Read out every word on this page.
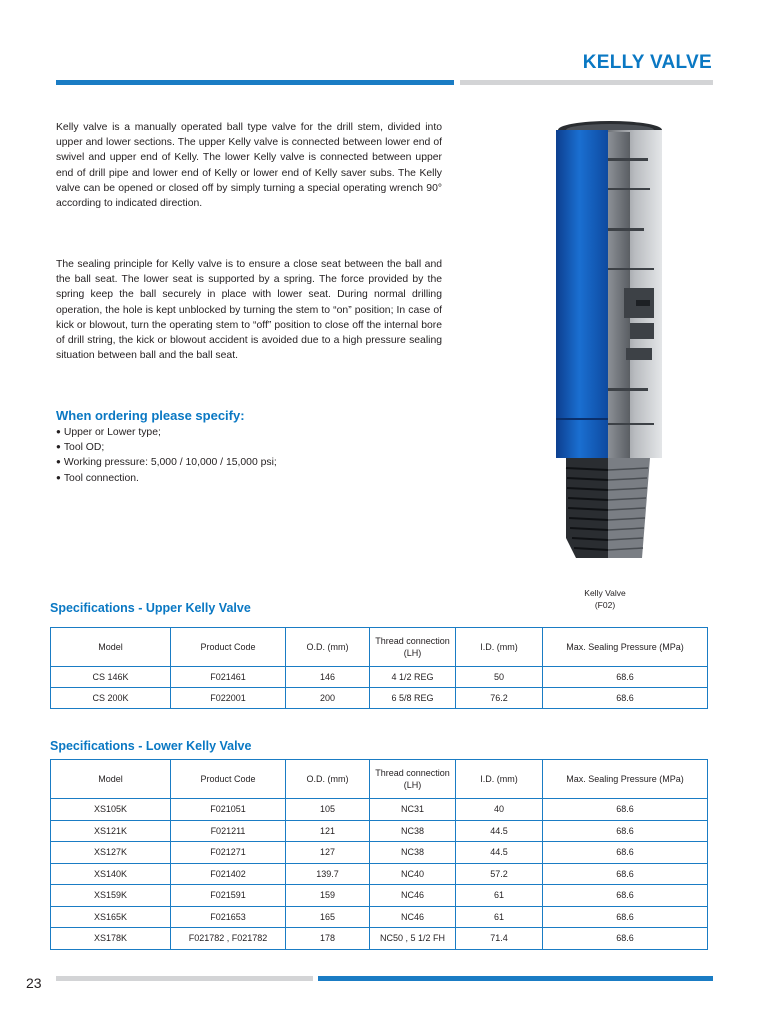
KELLY VALVE

Kelly valve is a manually operated ball type valve for the drill stem, divided into upper and lower sections. The upper Kelly valve is connected between lower end of swivel and upper end of Kelly. The lower Kelly valve is connected between upper end of drill pipe and lower end of Kelly or lower end of Kelly saver subs. The Kelly valve can be opened or closed off by simply turning a special operating wrench 90° according to indicated direction.

The sealing principle for Kelly valve is to ensure a close seat between the ball and the ball seat. The lower seat is supported by a spring. The force provided by the spring keep the ball securely in place with lower seat. During normal drilling operation, the hole is kept unblocked by turning the stem to “on” position; In case of kick or blowout, turn the operating stem to “off” position to close off the internal bore of drill string, the kick or blowout accident is avoided due to a high pressure sealing situation between ball and the ball seat.

When ordering please specify:
● Upper or Lower type;
● Tool OD;
● Working pressure: 5,000 / 10,000 / 15,000 psi;
● Tool connection.
Kelly Valve
(F02)
Specifications - Upper Kelly Valve
Model	Product Code	O.D. (mm)	Thread connection (LH)	I.D. (mm)	Max. Sealing Pressure (MPa)
CS 146K	F021461	146	4 1/2 REG	50	68.6
CS 200K	F022001	200	6 5/8 REG	76.2	68.6
Specifications - Lower Kelly Valve
Model	Product Code	O.D. (mm)	Thread connection (LH)	I.D. (mm)	Max. Sealing Pressure (MPa)
XS105K	F021051	105	NC31	40	68.6
XS121K	F021211	121	NC38	44.5	68.6
XS127K	F021271	127	NC38	44.5	68.6
XS140K	F021402	139.7	NC40	57.2	68.6
XS159K	F021591	159	NC46	61	68.6
XS165K	F021653	165	NC46	61	68.6
XS178K	F021782 , F021782	178	NC50 , 5 1/2 FH	71.4	68.6
23
